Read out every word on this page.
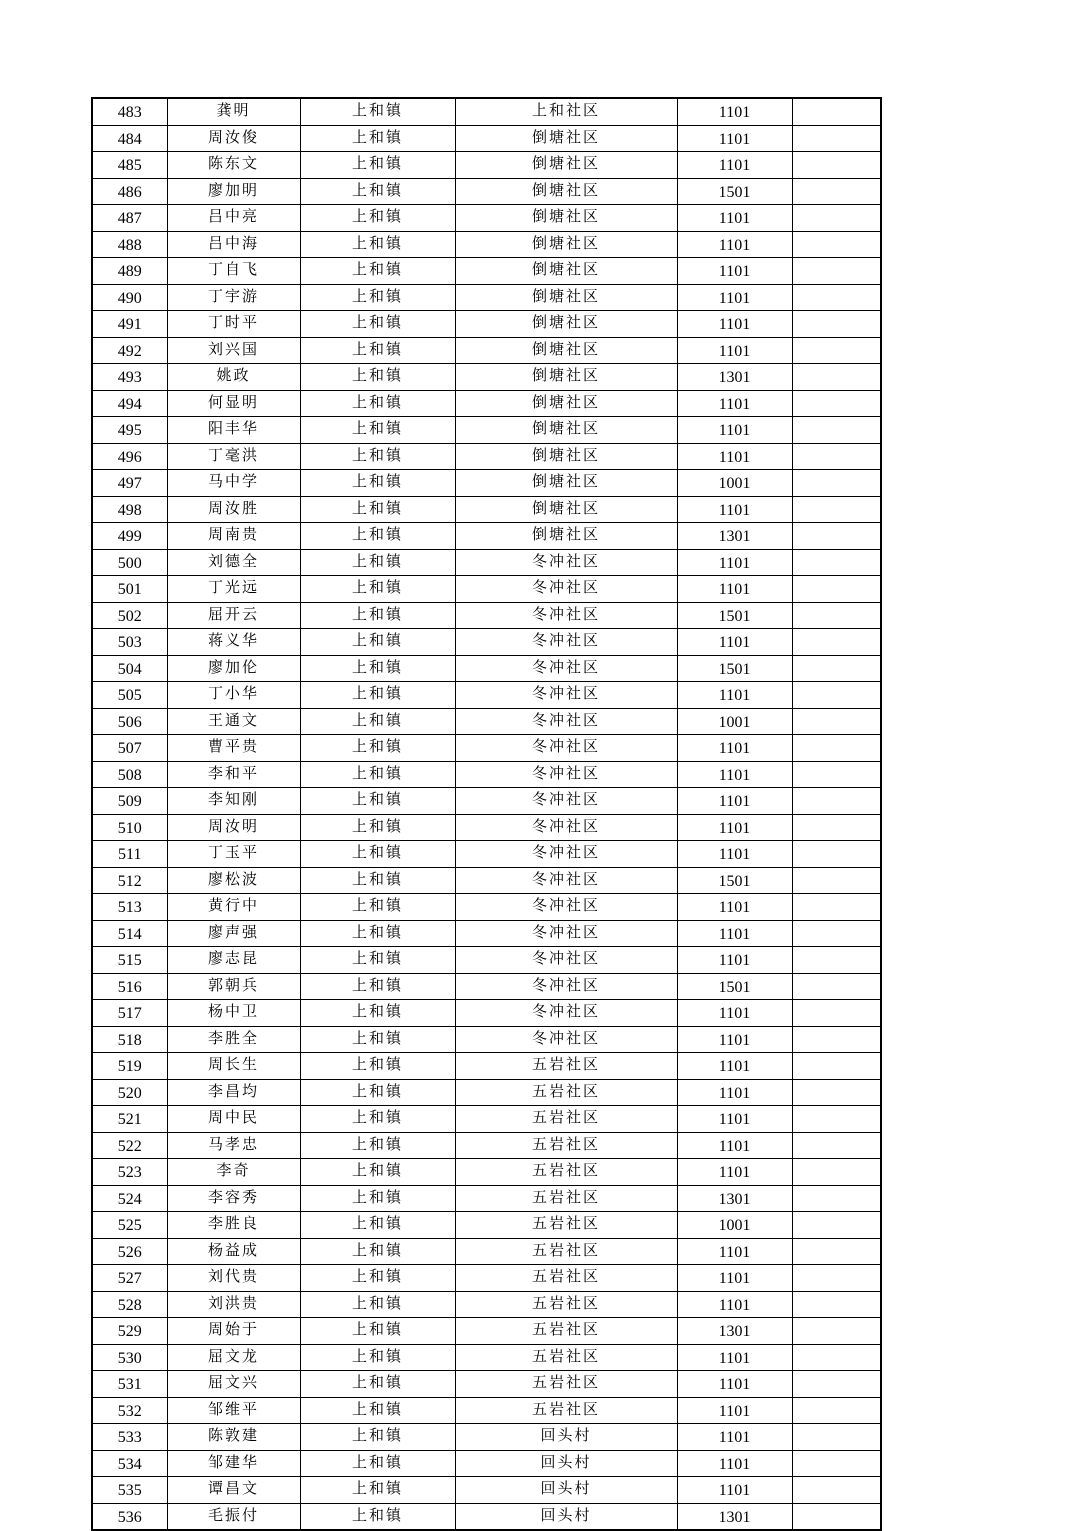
483	龚明	上和镇	上和社区	1101	
484	周汝俊	上和镇	倒塘社区	1101	
485	陈东文	上和镇	倒塘社区	1101	
486	廖加明	上和镇	倒塘社区	1501	
487	吕中亮	上和镇	倒塘社区	1101	
488	吕中海	上和镇	倒塘社区	1101	
489	丁自飞	上和镇	倒塘社区	1101	
490	丁宇游	上和镇	倒塘社区	1101	
491	丁时平	上和镇	倒塘社区	1101	
492	刘兴国	上和镇	倒塘社区	1101	
493	姚政	上和镇	倒塘社区	1301	
494	何显明	上和镇	倒塘社区	1101	
495	阳丰华	上和镇	倒塘社区	1101	
496	丁毫洪	上和镇	倒塘社区	1101	
497	马中学	上和镇	倒塘社区	1001	
498	周汝胜	上和镇	倒塘社区	1101	
499	周南贵	上和镇	倒塘社区	1301	
500	刘德全	上和镇	冬冲社区	1101	
501	丁光远	上和镇	冬冲社区	1101	
502	屈开云	上和镇	冬冲社区	1501	
503	蒋义华	上和镇	冬冲社区	1101	
504	廖加伦	上和镇	冬冲社区	1501	
505	丁小华	上和镇	冬冲社区	1101	
506	王通文	上和镇	冬冲社区	1001	
507	曹平贵	上和镇	冬冲社区	1101	
508	李和平	上和镇	冬冲社区	1101	
509	李知刚	上和镇	冬冲社区	1101	
510	周汝明	上和镇	冬冲社区	1101	
511	丁玉平	上和镇	冬冲社区	1101	
512	廖松波	上和镇	冬冲社区	1501	
513	黄行中	上和镇	冬冲社区	1101	
514	廖声强	上和镇	冬冲社区	1101	
515	廖志昆	上和镇	冬冲社区	1101	
516	郭朝兵	上和镇	冬冲社区	1501	
517	杨中卫	上和镇	冬冲社区	1101	
518	李胜全	上和镇	冬冲社区	1101	
519	周长生	上和镇	五岩社区	1101	
520	李昌均	上和镇	五岩社区	1101	
521	周中民	上和镇	五岩社区	1101	
522	马孝忠	上和镇	五岩社区	1101	
523	李奇	上和镇	五岩社区	1101	
524	李容秀	上和镇	五岩社区	1301	
525	李胜良	上和镇	五岩社区	1001	
526	杨益成	上和镇	五岩社区	1101	
527	刘代贵	上和镇	五岩社区	1101	
528	刘洪贵	上和镇	五岩社区	1101	
529	周始于	上和镇	五岩社区	1301	
530	屈文龙	上和镇	五岩社区	1101	
531	屈文兴	上和镇	五岩社区	1101	
532	邹维平	上和镇	五岩社区	1101	
533	陈敦建	上和镇	回头村	1101	
534	邹建华	上和镇	回头村	1101	
535	谭昌文	上和镇	回头村	1101	
536	毛振付	上和镇	回头村	1301	
